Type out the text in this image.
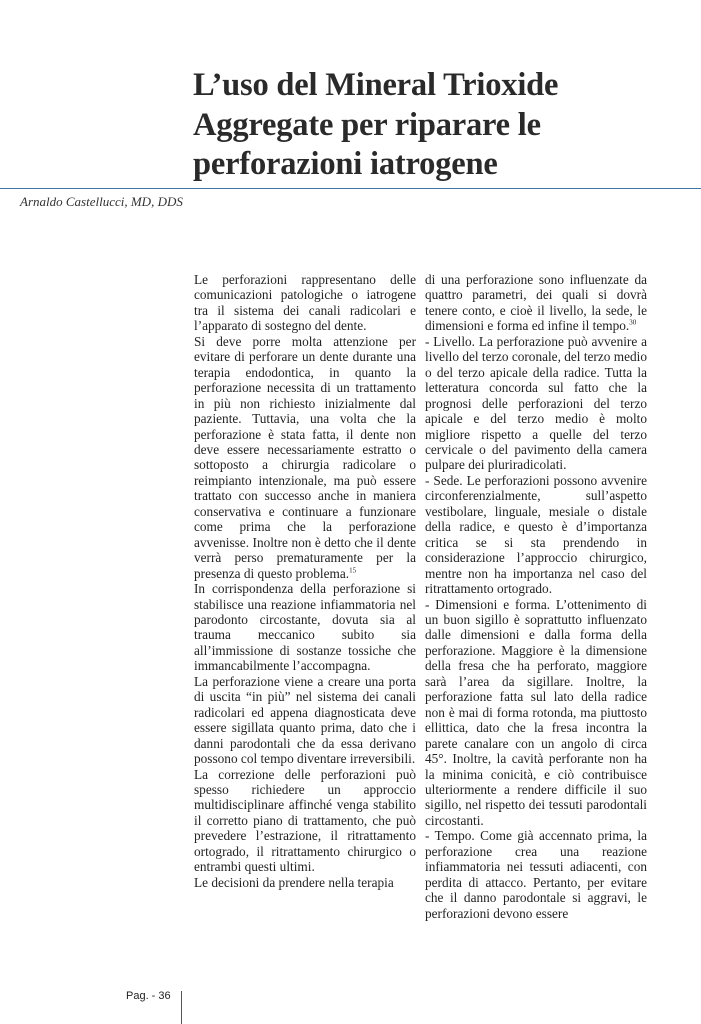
L’uso del Mineral Trioxide Aggregate per riparare le perforazioni iatrogene
Arnaldo Castellucci, MD, DDS

Le perforazioni rappresentano delle comunicazioni patologiche o iatrogene tra il sistema dei canali radicolari e l’apparato di sostegno del dente.

Si deve porre molta attenzione per evitare di perforare un dente durante una terapia endodontica, in quanto la perforazione necessita di un trattamento in più non richiesto inizialmente dal paziente. Tuttavia, una volta che la perforazione è stata fatta, il dente non deve essere necessariamente estratto o sottoposto a chirurgia radicolare o reimpianto intenzionale, ma può essere trattato con successo anche in maniera conservativa e continuare a funzionare come prima che la perforazione avvenisse. Inoltre non è detto che il dente verrà perso prematuramente per la presenza di questo problema.$^{15}$

In corrispondenza della perforazione si stabilisce una reazione infiammatoria nel parodonto circostante, dovuta sia al trauma meccanico subito sia all’immissione di sostanze tossiche che immancabilmente l’accompagna.

La perforazione viene a creare una porta di uscita “in più” nel sistema dei canali radicolari ed appena diagnosticata deve essere sigillata quanto prima, dato che i danni parodontali che da essa derivano possono col tempo diventare irreversibili.

La correzione delle perforazioni può spesso richiedere un approccio multidisciplinare affinché venga stabilito il corretto piano di trattamento, che può prevedere l’estrazione, il ritrattamento ortogrado, il ritrattamento chirurgico o entrambi questi ultimi.

Le decisioni da prendere nella terapia

di una perforazione sono influenzate da quattro parametri, dei quali si dovrà tenere conto, e cioè il livello, la sede, le dimensioni e forma ed infine il tempo.$^{30}$

- Livello. La perforazione può avvenire a livello del terzo coronale, del terzo medio o del terzo apicale della radice. Tutta la letteratura concorda sul fatto che la prognosi delle perforazioni del terzo apicale e del terzo medio è molto migliore rispetto a quelle del terzo cervicale o del pavimento della camera pulpare dei pluriradicolati.

- Sede. Le perforazioni possono avvenire circonferenzialmente, sull’aspetto vestibolare, linguale, mesiale o distale della radice, e questo è d’importanza critica se si sta prendendo in considerazione l’approccio chirurgico, mentre non ha importanza nel caso del ritrattamento ortogrado.

- Dimensioni e forma. L’ottenimento di un buon sigillo è soprattutto influenzato dalle dimensioni e dalla forma della perforazione. Maggiore è la dimensione della fresa che ha perforato, maggiore sarà l’area da sigillare. Inoltre, la perforazione fatta sul lato della radice non è mai di forma rotonda, ma piuttosto ellittica, dato che la fresa incontra la parete canalare con un angolo di circa 45°. Inoltre, la cavità perforante non ha la minima conicità, e ciò contribuisce ulteriormente a rendere difficile il suo sigillo, nel rispetto dei tessuti parodontali circostanti.

- Tempo. Come già accennato prima, la perforazione crea una reazione infiammatoria nei tessuti adiacenti, con perdita di attacco. Pertanto, per evitare che il danno parodontale si aggravi, le perforazioni devono essere

Pag. - 36
